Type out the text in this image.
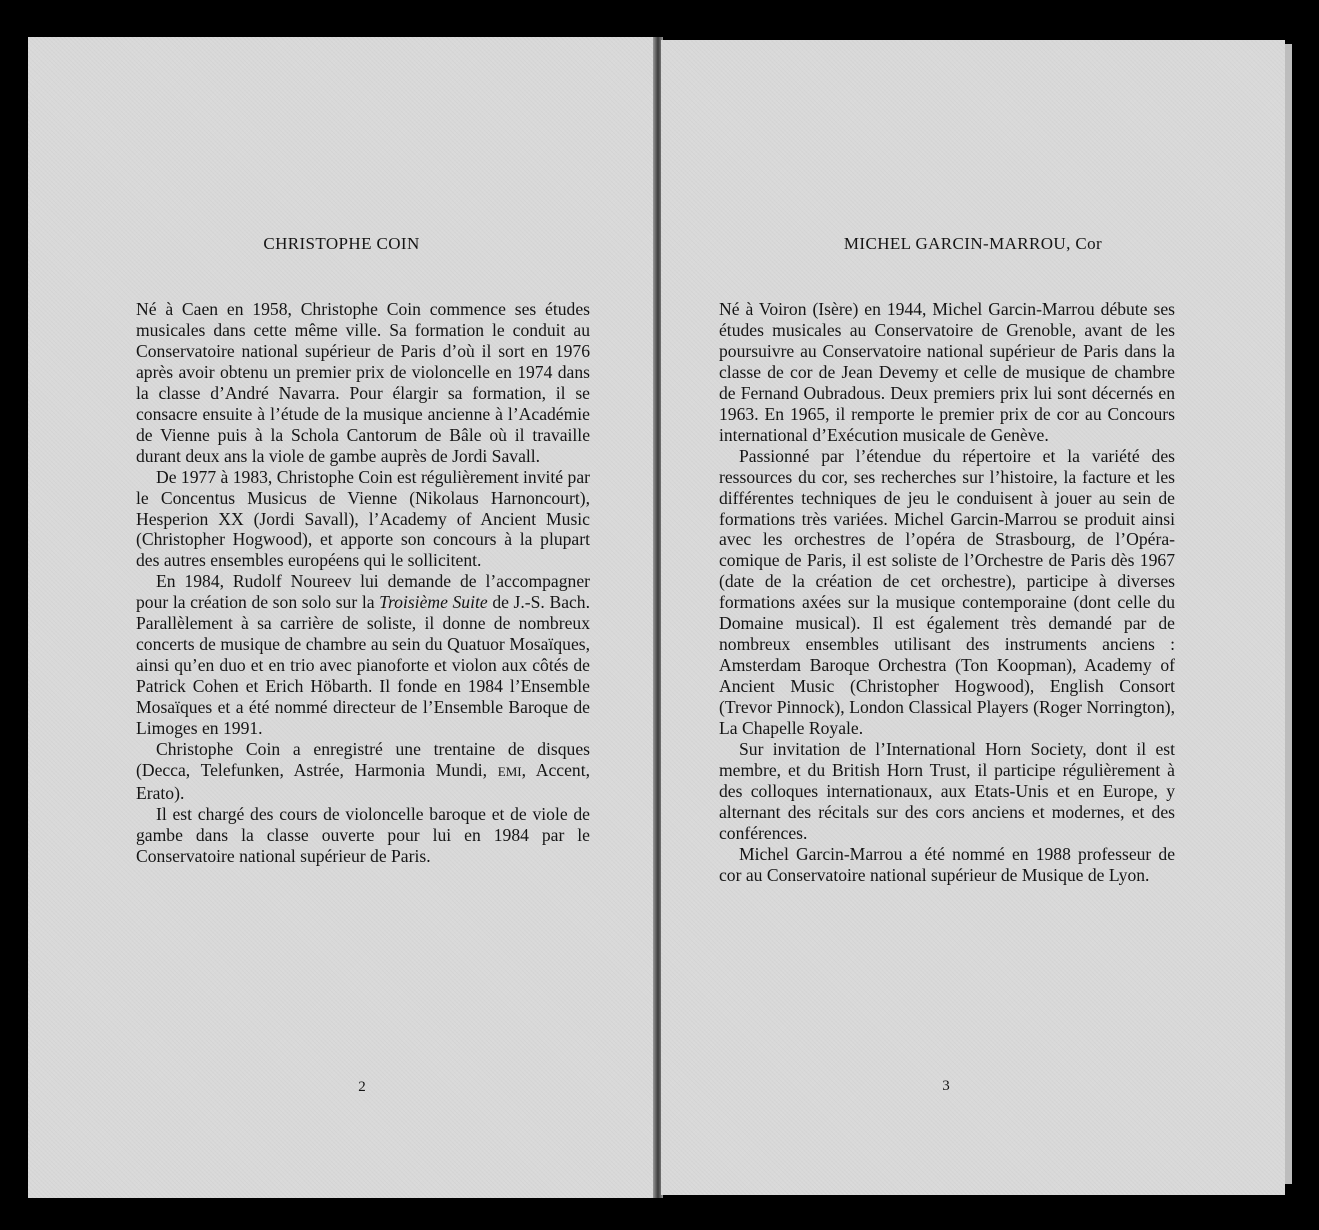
CHRISTOPHE COIN

Né à Caen en 1958, Christophe Coin commence ses études musicales dans cette même ville. Sa formation le conduit au Conservatoire national supérieur de Paris d’où il sort en 1976 après avoir obtenu un premier prix de violoncelle en 1974 dans la classe d’André Navarra. Pour élargir sa formation, il se consacre ensuite à l’étude de la musique ancienne à l’Académie de Vienne puis à la Schola Cantorum de Bâle où il travaille durant deux ans la viole de gambe auprès de Jordi Savall.

De 1977 à 1983, Christophe Coin est régulièrement invité par le Concentus Musicus de Vienne (Nikolaus Harnoncourt), Hesperion XX (Jordi Savall), l’Academy of Ancient Music (Christopher Hogwood), et apporte son concours à la plupart des autres ensembles européens qui le sollicitent.

En 1984, Rudolf Noureev lui demande de l’accompagner pour la création de son solo sur la Troisième Suite de J.-S. Bach. Parallèlement à sa carrière de soliste, il donne de nombreux concerts de musique de chambre au sein du Quatuor Mosaïques, ainsi qu’en duo et en trio avec pianoforte et violon aux côtés de Patrick Cohen et Erich Höbarth. Il fonde en 1984 l’Ensemble Mosaïques et a été nommé directeur de l’Ensemble Baroque de Limoges en 1991.

Christophe Coin a enregistré une trentaine de disques (Decca, Telefunken, Astrée, Harmonia Mundi, EMI, Accent, Erato).

Il est chargé des cours de violoncelle baroque et de viole de gambe dans la classe ouverte pour lui en 1984 par le Conservatoire national supérieur de Paris.

2
MICHEL GARCIN-MARROU, Cor

Né à Voiron (Isère) en 1944, Michel Garcin-Marrou débute ses études musicales au Conservatoire de Grenoble, avant de les poursuivre au Conservatoire national supérieur de Paris dans la classe de cor de Jean Devemy et celle de musique de chambre de Fernand Oubradous. Deux premiers prix lui sont décernés en 1963. En 1965, il remporte le premier prix de cor au Concours international d’Exécution musicale de Genève.

Passionné par l’étendue du répertoire et la variété des ressources du cor, ses recherches sur l’histoire, la facture et les différentes techniques de jeu le conduisent à jouer au sein de formations très variées. Michel Garcin-Marrou se produit ainsi avec les orchestres de l’opéra de Strasbourg, de l’Opéra-comique de Paris, il est soliste de l’Orchestre de Paris dès 1967 (date de la création de cet orchestre), participe à diverses formations axées sur la musique contemporaine (dont celle du Domaine musical). Il est également très demandé par de nombreux ensembles utilisant des instruments anciens : Amsterdam Baroque Orchestra (Ton Koopman), Academy of Ancient Music (Christopher Hogwood), English Consort (Trevor Pinnock), London Classical Players (Roger Norrington), La Chapelle Royale.

Sur invitation de l’International Horn Society, dont il est membre, et du British Horn Trust, il participe régulièrement à des colloques internationaux, aux Etats-Unis et en Europe, y alternant des récitals sur des cors anciens et modernes, et des conférences.

Michel Garcin-Marrou a été nommé en 1988 professeur de cor au Conservatoire national supérieur de Musique de Lyon.

3
